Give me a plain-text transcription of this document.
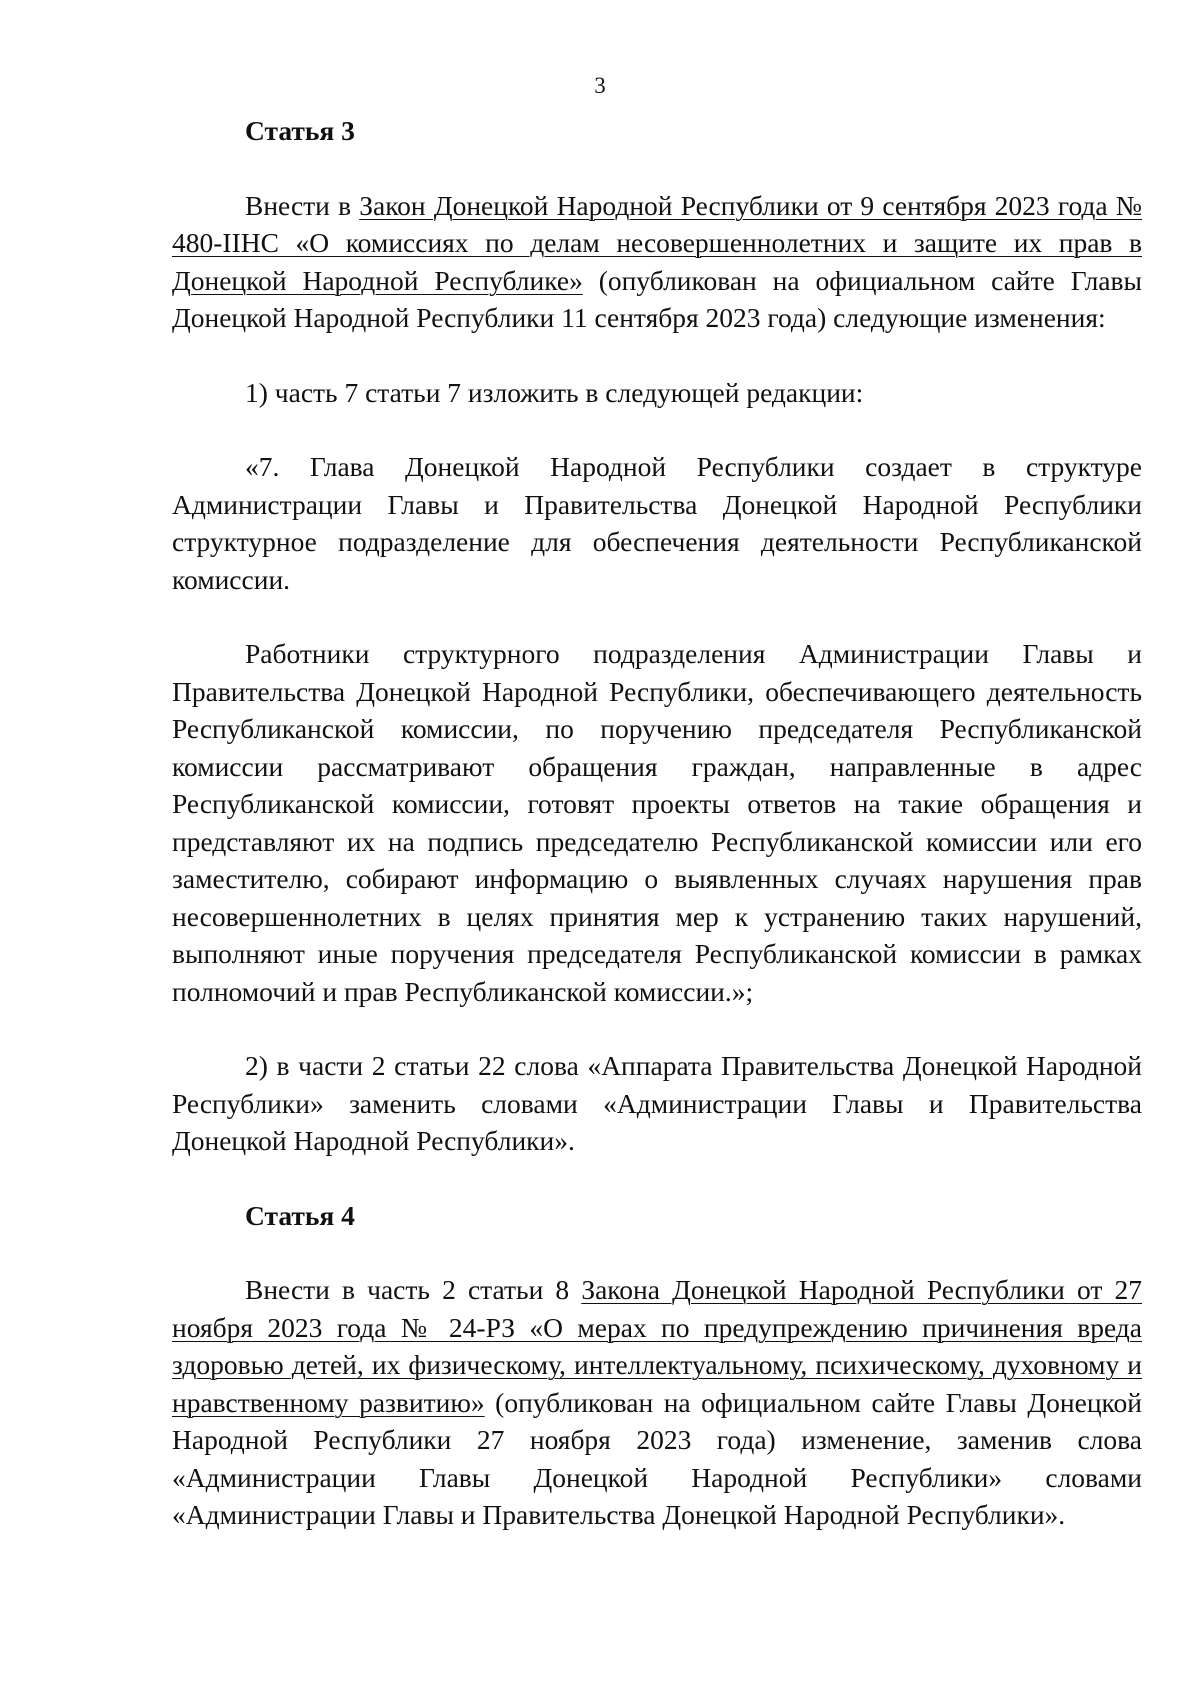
3

Статья 3

Внести в Закон Донецкой Народной Республики от 9 сентября 2023 года № 480-IIНС «О комиссиях по делам несовершеннолетних и защите их прав в Донецкой Народной Республике» (опубликован на официальном сайте Главы Донецкой Народной Республики 11 сентября 2023 года) следующие изменения:

1) часть 7 статьи 7 изложить в следующей редакции:

«7. Глава Донецкой Народной Республики создает в структуре Администрации Главы и Правительства Донецкой Народной Республики структурное подразделение для обеспечения деятельности Республиканской комиссии.

Работники структурного подразделения Администрации Главы и Правительства Донецкой Народной Республики, обеспечивающего деятельность Республиканской комиссии, по поручению председателя Республиканской комиссии рассматривают обращения граждан, направленные в адрес Республиканской комиссии, готовят проекты ответов на такие обращения и представляют их на подпись председателю Республиканской комиссии или его заместителю, собирают информацию о выявленных случаях нарушения прав несовершеннолетних в целях принятия мер к устранению таких нарушений, выполняют иные поручения председателя Республиканской комиссии в рамках полномочий и прав Республиканской комиссии.»;

2) в части 2 статьи 22 слова «Аппарата Правительства Донецкой Народной Республики» заменить словами «Администрации Главы и Правительства Донецкой Народной Республики».

Статья 4

Внести в часть 2 статьи 8 Закона Донецкой Народной Республики от 27 ноября 2023 года № 24-РЗ «О мерах по предупреждению причинения вреда здоровью детей, их физическому, интеллектуальному, психическому, духовному и нравственному развитию» (опубликован на официальном сайте Главы Донецкой Народной Республики 27 ноября 2023 года) изменение, заменив слова «Администрации Главы Донецкой Народной Республики» словами «Администрации Главы и Правительства Донецкой Народной Республики».
